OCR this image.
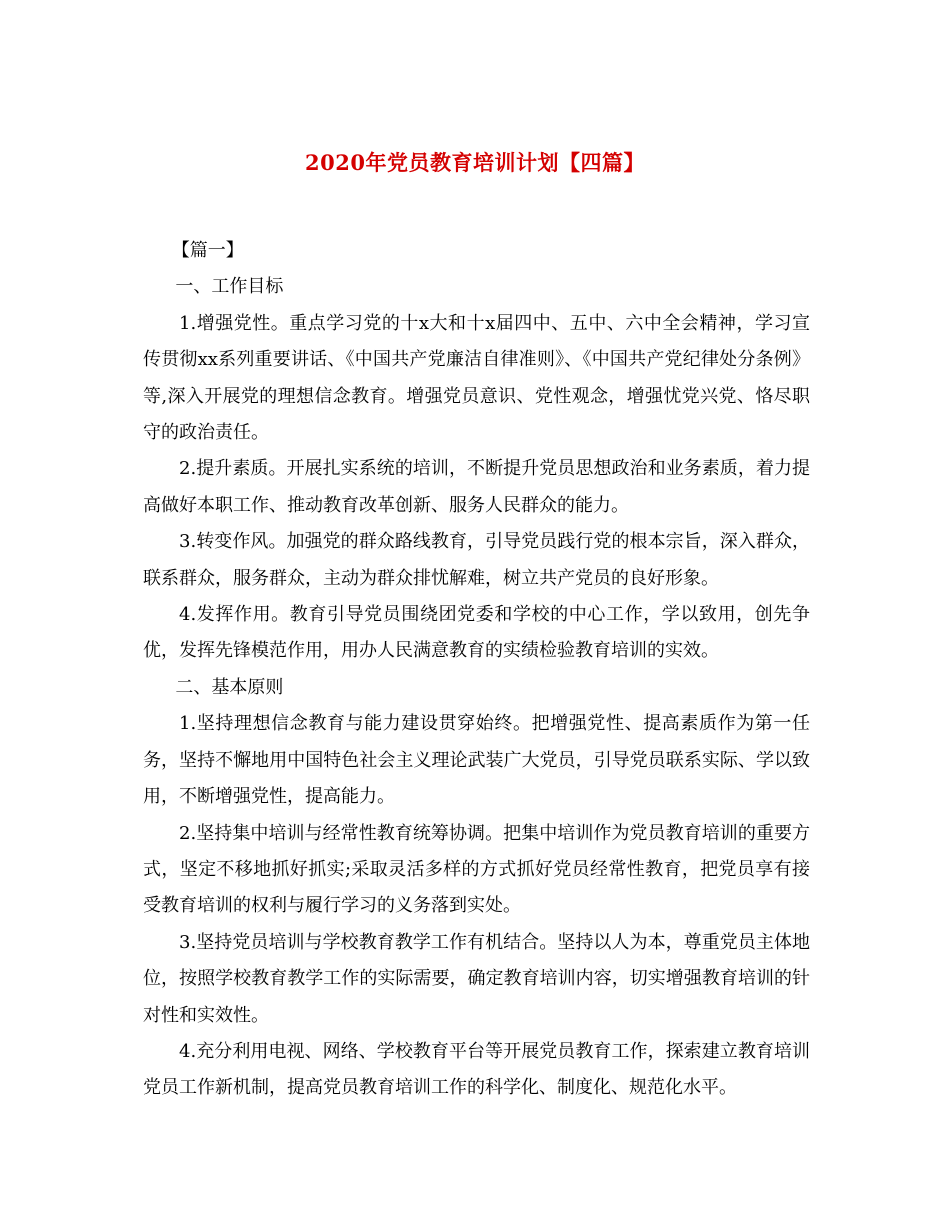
2020年党员教育培训计划【四篇】

【篇一】

一、工作目标

1.增强党性。重点学习党的十x大和十x届四中、五中、六中全会精神，学习宣传贯彻xx系列重要讲话、《中国共产党廉洁自律准则》、《中国共产党纪律处分条例》等,深入开展党的理想信念教育。增强党员意识、党性观念，增强忧党兴党、恪尽职守的政治责任。

2.提升素质。开展扎实系统的培训，不断提升党员思想政治和业务素质，着力提高做好本职工作、推动教育改革创新、服务人民群众的能力。

3.转变作风。加强党的群众路线教育，引导党员践行党的根本宗旨，深入群众，联系群众，服务群众，主动为群众排忧解难，树立共产党员的良好形象。

4.发挥作用。教育引导党员围绕团党委和学校的中心工作，学以致用，创先争优，发挥先锋模范作用，用办人民满意教育的实绩检验教育培训的实效。

二、基本原则

1.坚持理想信念教育与能力建设贯穿始终。把增强党性、提高素质作为第一任务，坚持不懈地用中国特色社会主义理论武装广大党员，引导党员联系实际、学以致用，不断增强党性，提高能力。

2.坚持集中培训与经常性教育统筹协调。把集中培训作为党员教育培训的重要方式，坚定不移地抓好抓实;采取灵活多样的方式抓好党员经常性教育，把党员享有接受教育培训的权利与履行学习的义务落到实处。

3.坚持党员培训与学校教育教学工作有机结合。坚持以人为本，尊重党员主体地位，按照学校教育教学工作的实际需要，确定教育培训内容，切实增强教育培训的针对性和实效性。

4.充分利用电视、网络、学校教育平台等开展党员教育工作，探索建立教育培训党员工作新机制，提高党员教育培训工作的科学化、制度化、规范化水平。
